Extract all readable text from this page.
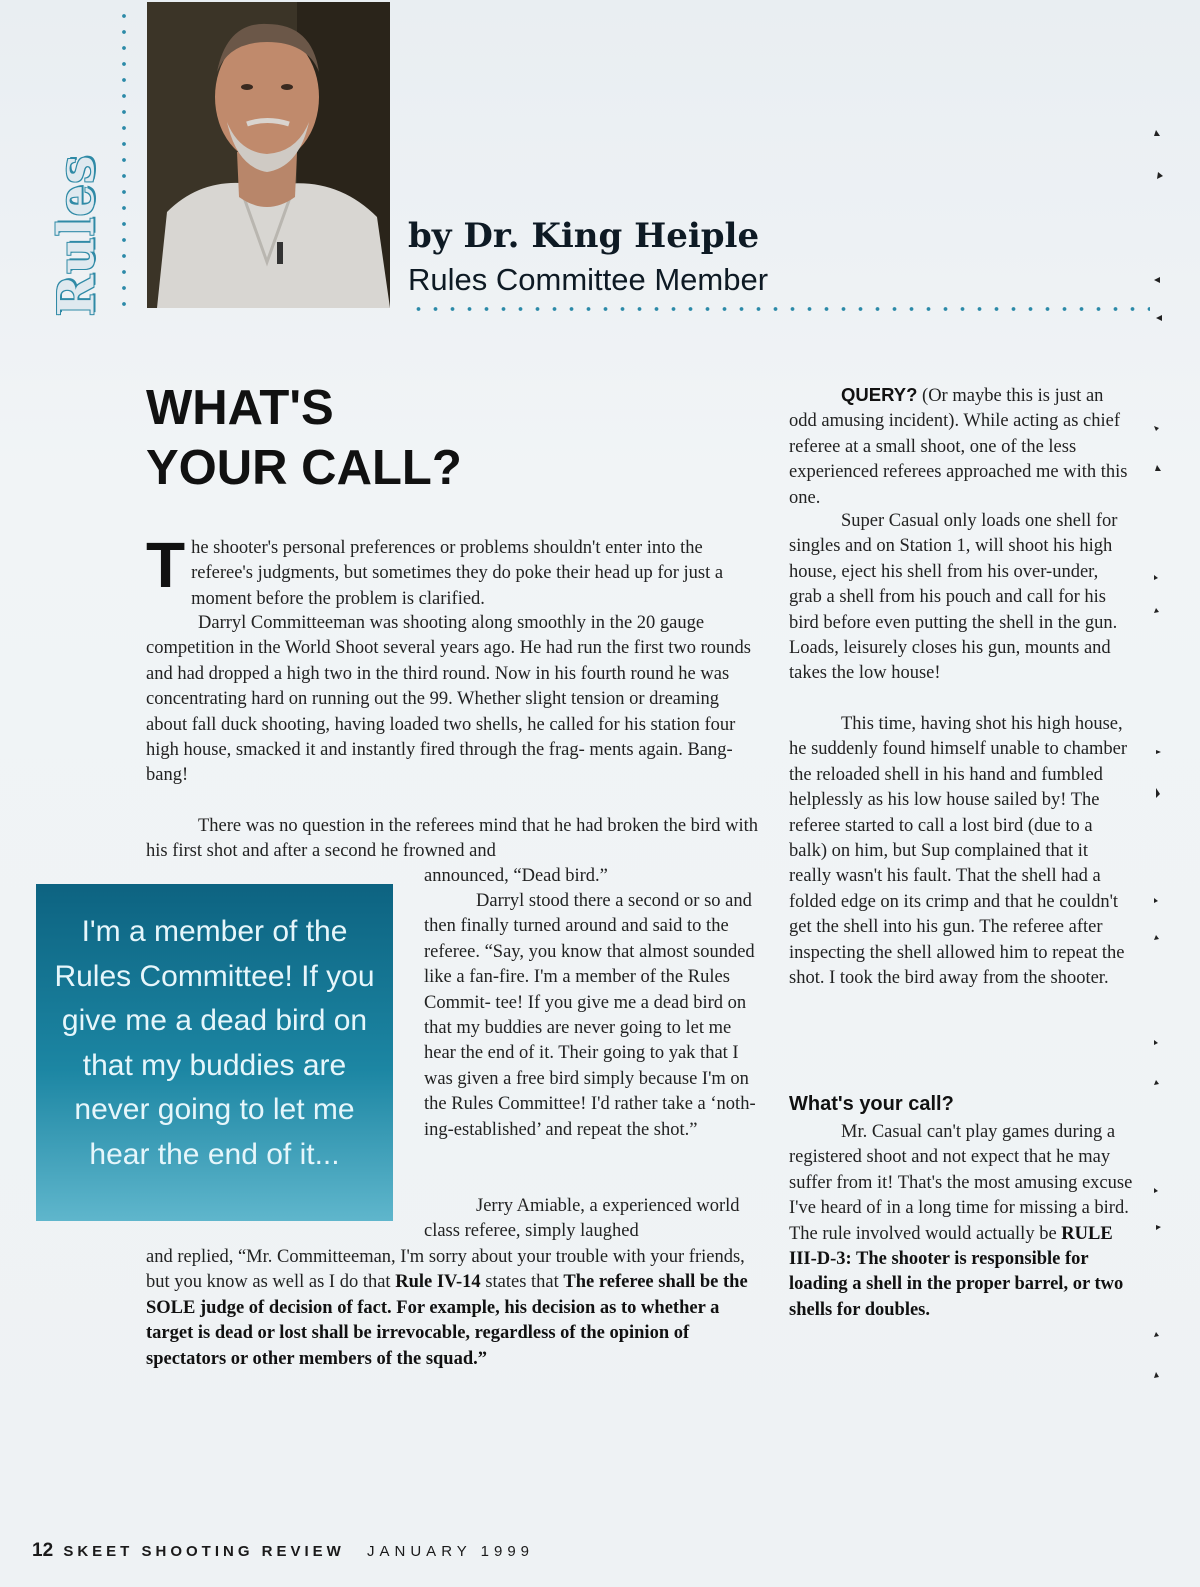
Rules	by Dr. King Heiple
Rules Committee Member
WHAT'S
YOUR CALL?

The shooter's personal preferences or problems shouldn't enter into the referee's judgments, but sometimes they do poke their head up for just a moment before the problem is clarified.

Darryl Committeeman was shooting along smoothly in the 20 gauge competition in the World Shoot several years ago. He had run the first two rounds and had dropped a high two in the third round. Now in his fourth round he was concentrating hard on running out the 99. Whether slight tension or dreaming about fall duck shooting, having loaded two shells, he called for his station four high house, smacked it and instantly fired through the frag- ments again. Bang-bang!

There was no question in the referees mind that he had broken the bird with his first shot and after a second he frowned and

announced, “Dead bird.”

Darryl stood there a second or so and then finally turned around and said to the referee. “Say, you know that almost sounded like a fan-fire. I'm a member of the Rules Commit- tee! If you give me a dead bird on that my buddies are never going to let me hear the end of it. Their going to yak that I was given a free bird simply because I'm on the Rules Committee! I'd rather take a ‘noth- ing-established’ and repeat the shot.”

Jerry Amiable, a experienced world class referee, simply laughed

and replied, “Mr. Committeeman, I'm sorry about your trouble with your friends, but you know as well as I do that Rule IV-14 states that The referee shall be the SOLE judge of decision of fact. For example, his decision as to whether a target is dead or lost shall be irrevocable, regardless of the opinion of spectators or other members of the squad.”

I'm a member of the Rules Committee! If you give me a dead bird on that my buddies are never going to let me hear the end of it...

QUERY? (Or maybe this is just an odd amusing incident). While acting as chief referee at a small shoot, one of the less experienced referees approached me with this one.

Super Casual only loads one shell for singles and on Station 1, will shoot his high house, eject his shell from his over-under, grab a shell from his pouch and call for his bird before even putting the shell in the gun. Loads, leisurely closes his gun, mounts and takes the low house!

This time, having shot his high house, he suddenly found himself unable to chamber the reloaded shell in his hand and fumbled helplessly as his low house sailed by! The referee started to call a lost bird (due to a balk) on him, but Sup complained that it really wasn't his fault. That the shell had a folded edge on its crimp and that he couldn't get the shell into his gun. The referee after inspecting the shell allowed him to repeat the shot. I took the bird away from the shooter.

What's your call?

Mr. Casual can't play games during a registered shoot and not expect that he may suffer from it! That's the most amusing excuse I've heard of in a long time for missing a bird. The rule involved would actually be RULE III-D-3: The shooter is responsible for loading a shell in the proper barrel, or two shells for doubles.

12 SKEET SHOOTING REVIEW JANUARY 1999
